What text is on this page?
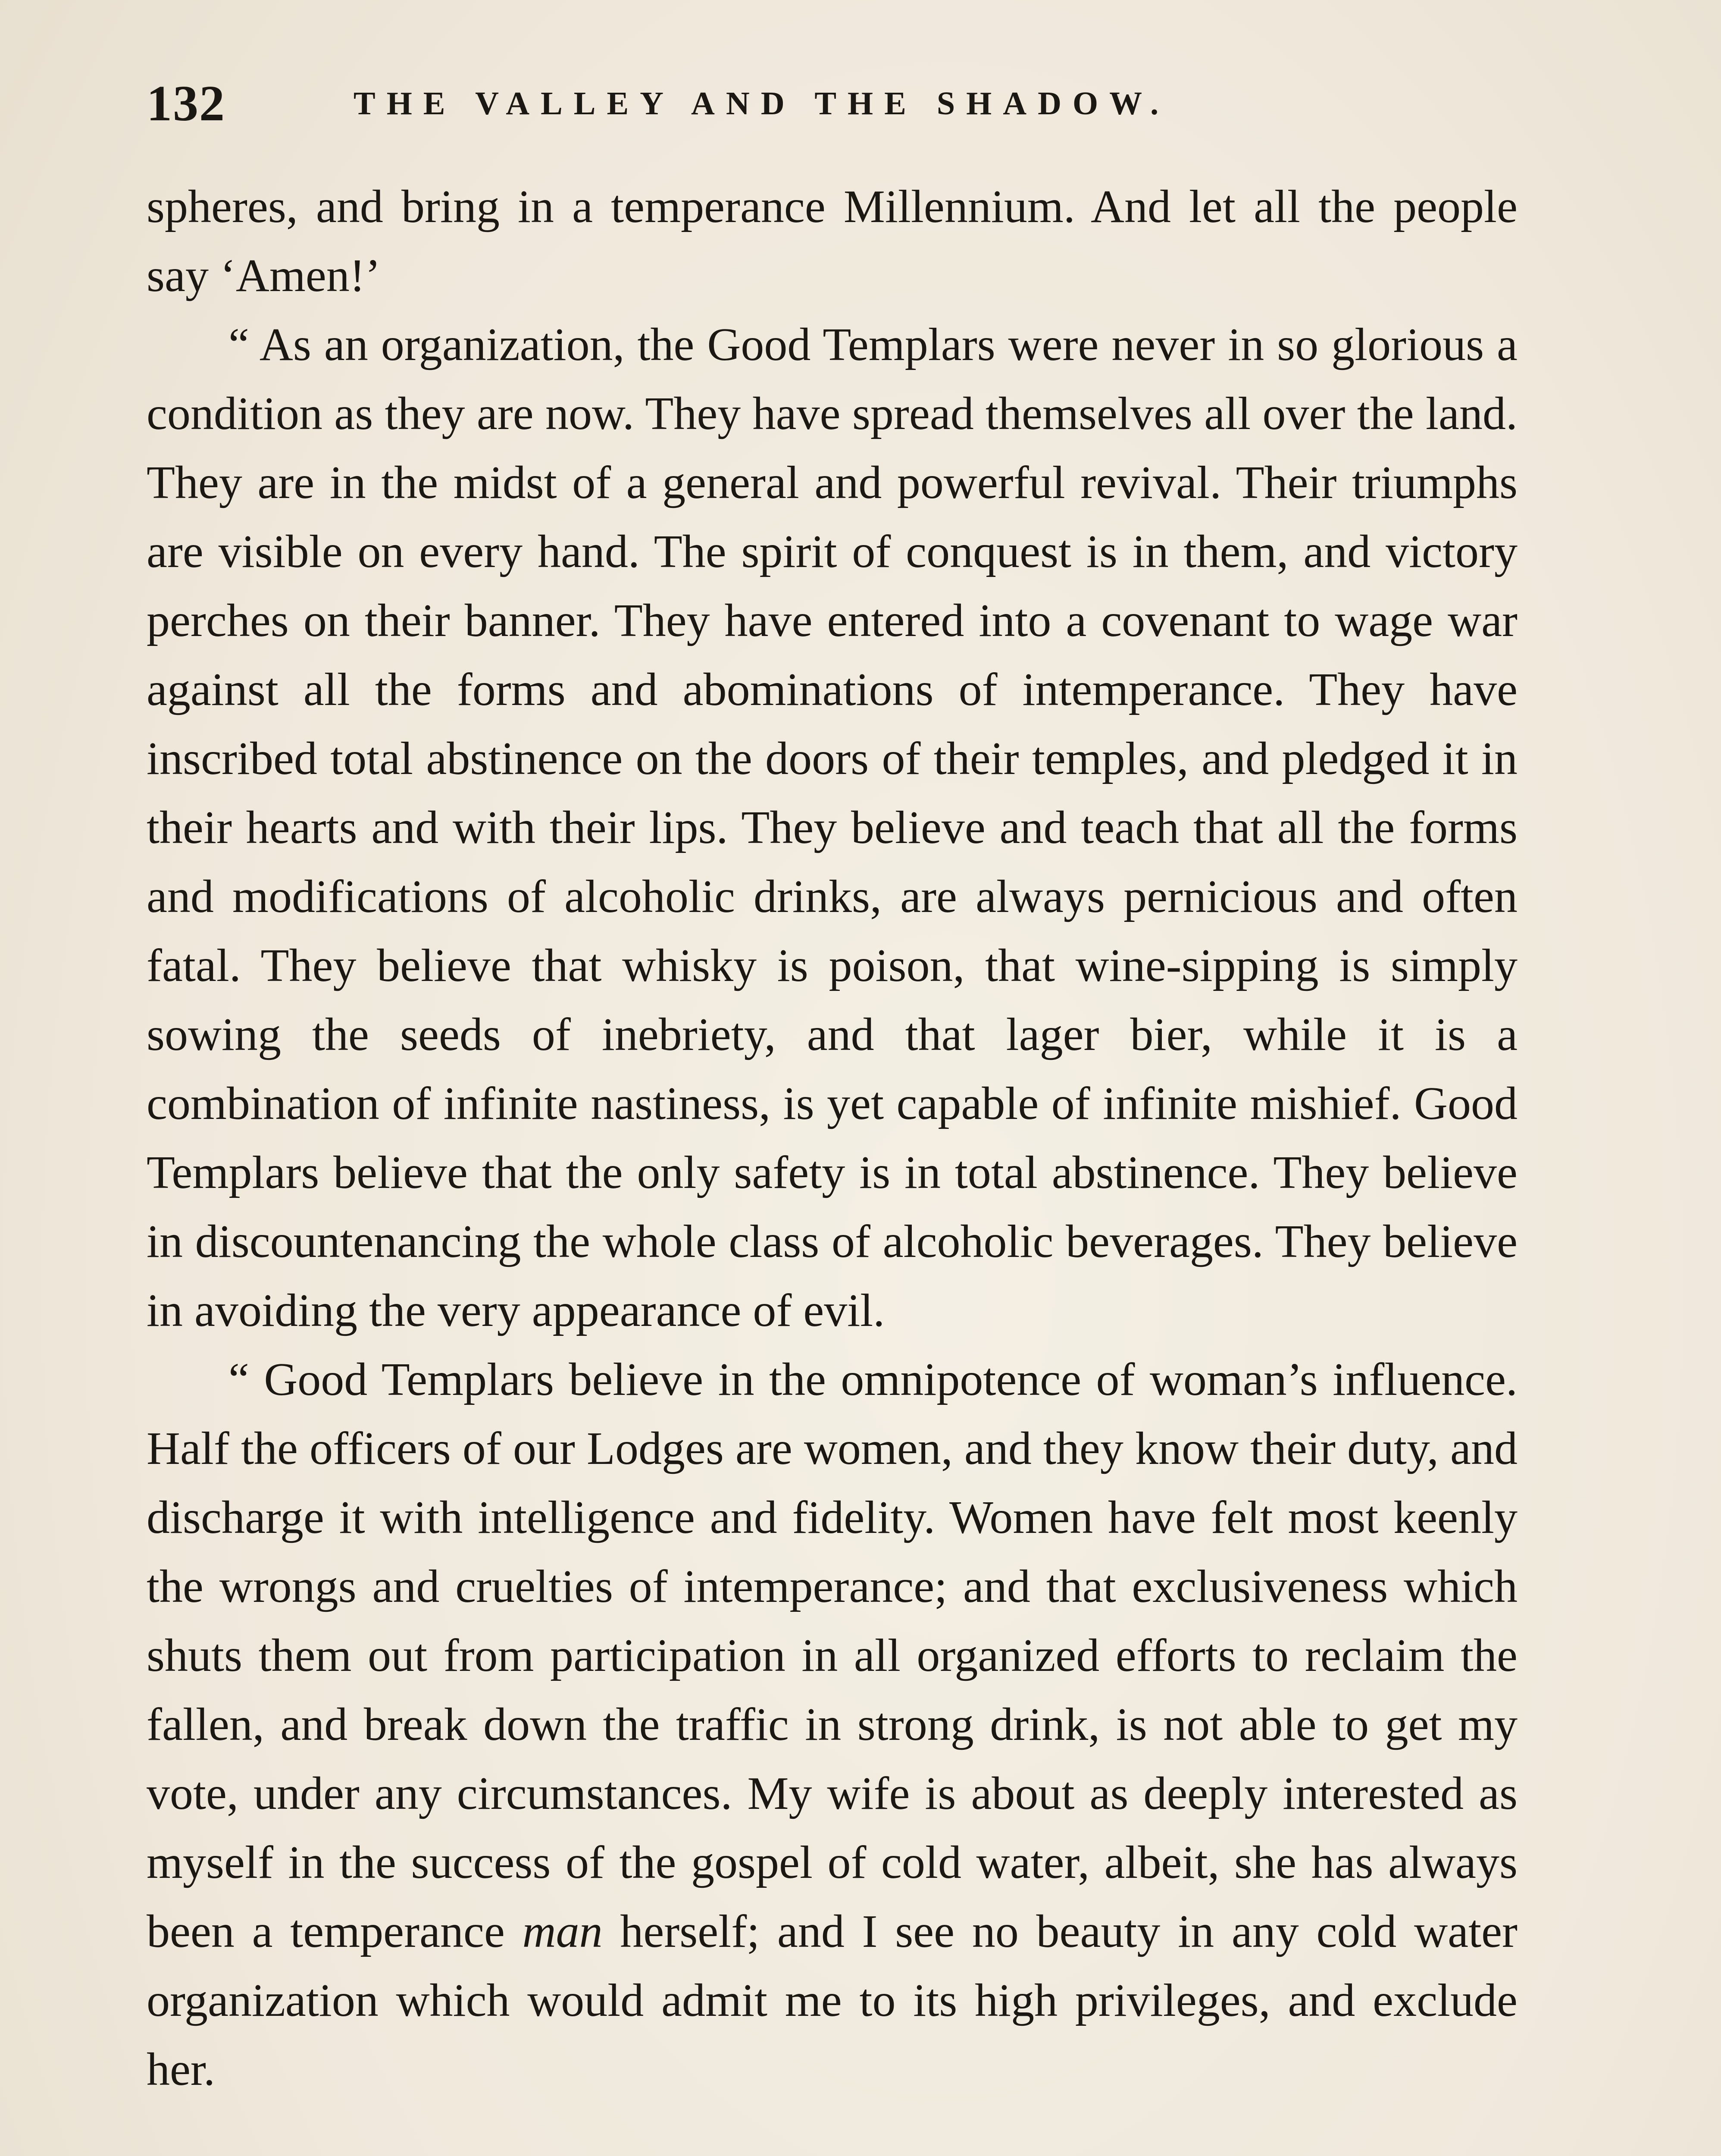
132	THE VALLEY AND THE SHADOW.

spheres, and bring in a temperance Millennium. And let all the people say ‘Amen!’

“ As an organization, the Good Templars were never in so glorious a condition as they are now. They have spread themselves all over the land. They are in the midst of a general and powerful revival. Their triumphs are visible on every hand. The spirit of conquest is in them, and victory perches on their banner. They have entered into a covenant to wage war against all the forms and abominations of intemperance. They have inscribed total abstinence on the doors of their temples, and pledged it in their hearts and with their lips. They believe and teach that all the forms and modifications of alcoholic drinks, are always pernicious and often fatal. They believe that whisky is poison, that wine-sipping is simply sowing the seeds of inebriety, and that lager bier, while it is a combination of infinite nastiness, is yet capable of infinite mishief. Good Templars believe that the only safety is in total abstinence. They believe in discountenancing the whole class of alcoholic beverages. They believe in avoiding the very appearance of evil.

“ Good Templars believe in the omnipotence of woman’s influence. Half the officers of our Lodges are women, and they know their duty, and discharge it with intelligence and fidelity. Women have felt most keenly the wrongs and cruelties of intemperance; and that exclusiveness which shuts them out from participation in all organized efforts to reclaim the fallen, and break down the traffic in strong drink, is not able to get my vote, under any circumstances. My wife is about as deeply interested as myself in the success of the gospel of cold water, albeit, she has always been a temperance man herself; and I see no beauty in any cold water organization which would admit me to its high privileges, and exclude her.
